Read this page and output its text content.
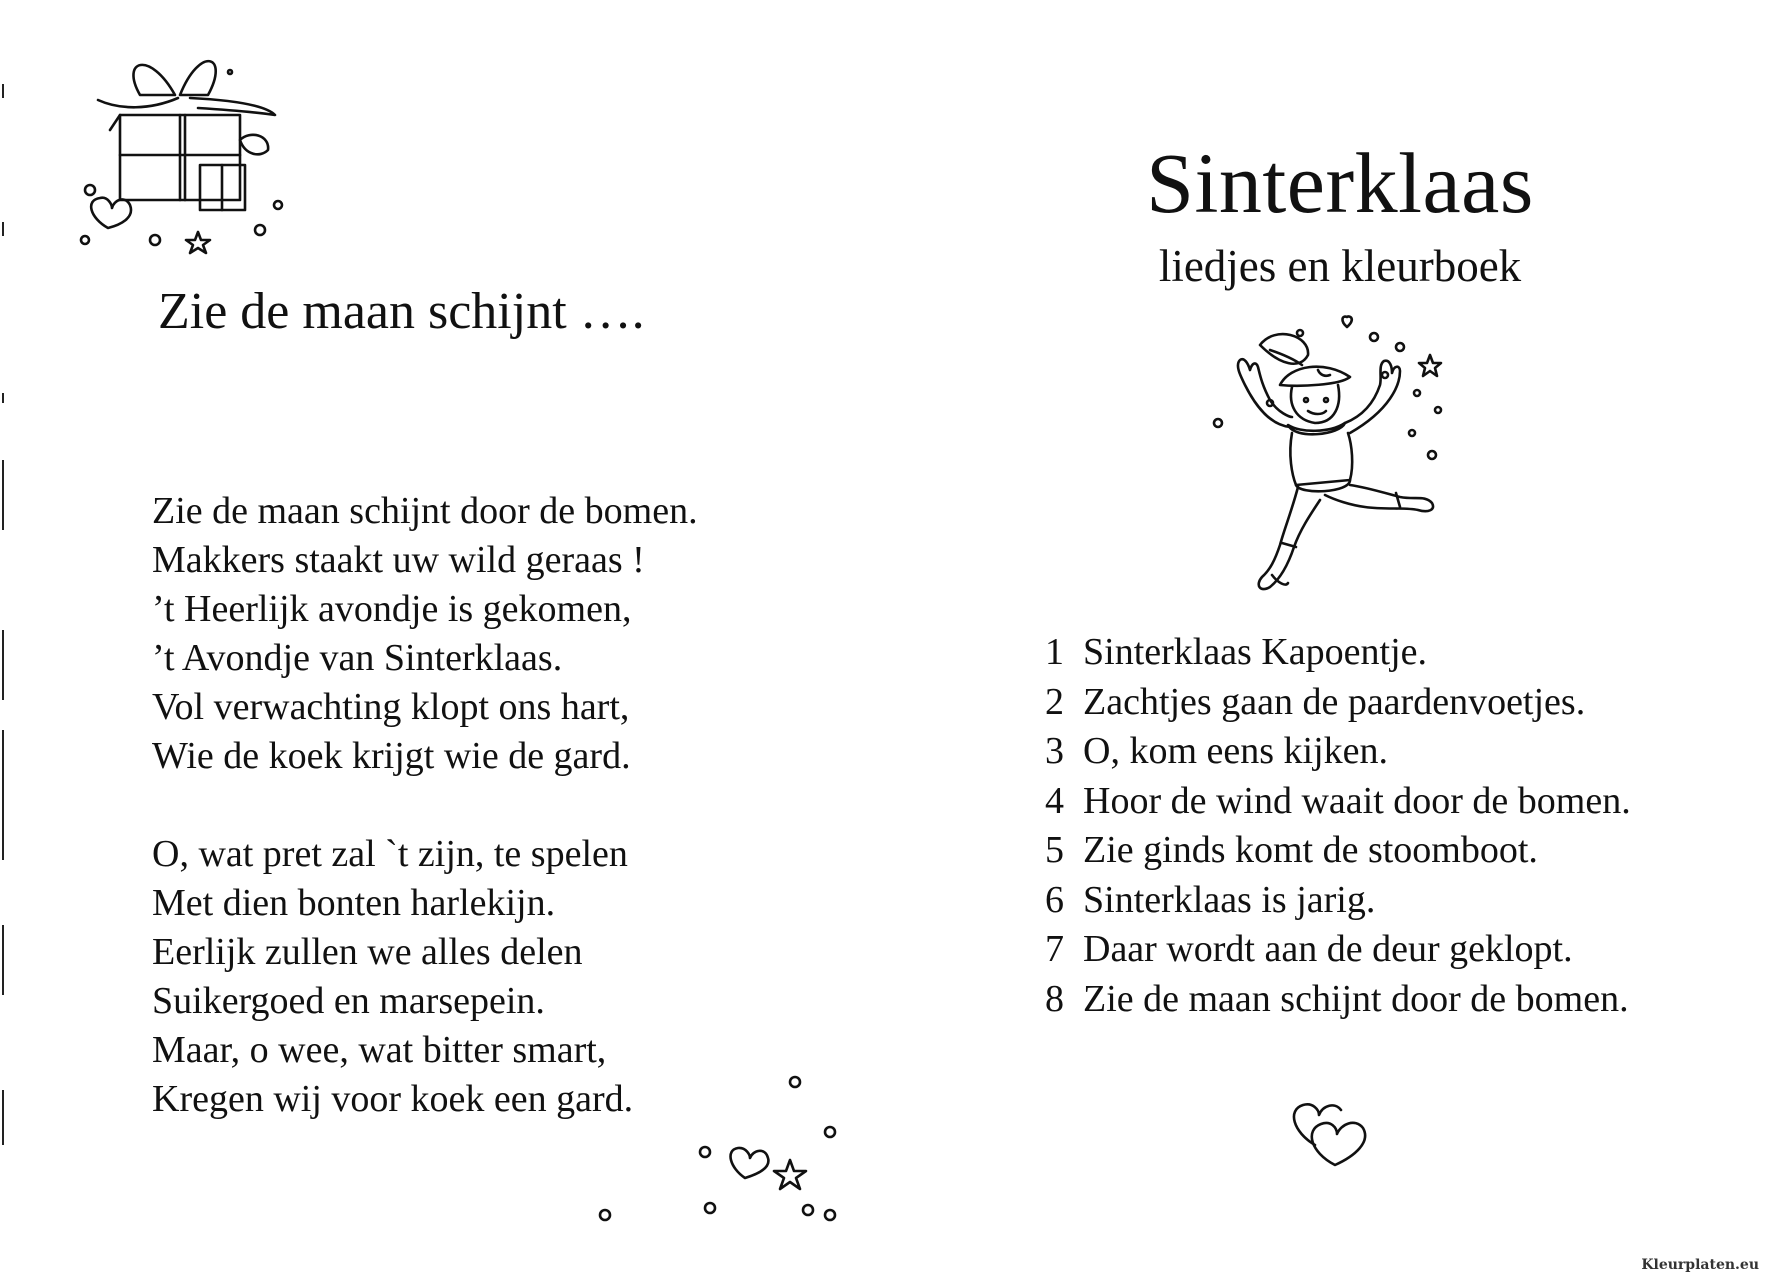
Zie de maan schijnt ….
Zie de maan schijnt door de bomen.
Makkers staakt uw wild geraas !
’t Heerlijk avondje is gekomen,
’t Avondje van Sinterklaas.
Vol verwachting klopt ons hart,
Wie de koek krijgt wie de gard.
O, wat pret zal `t zijn, te spelen
Met dien bonten harlekijn.
Eerlijk zullen we alles delen
Suikergoed en marsepein.
Maar, o wee, wat bitter smart,
Kregen wij voor koek een gard.
Sinterklaas
liedjes en kleurboek
1 Sinterklaas Kapoentje.
2 Zachtjes gaan de paardenvoetjes.
3 O, kom eens kijken.
4 Hoor de wind waait door de bomen.
5 Zie ginds komt de stoomboot.
6 Sinterklaas is jarig.
7 Daar wordt aan de deur geklopt.
8 Zie de maan schijnt door de bomen.
Kleurplaten.eu
